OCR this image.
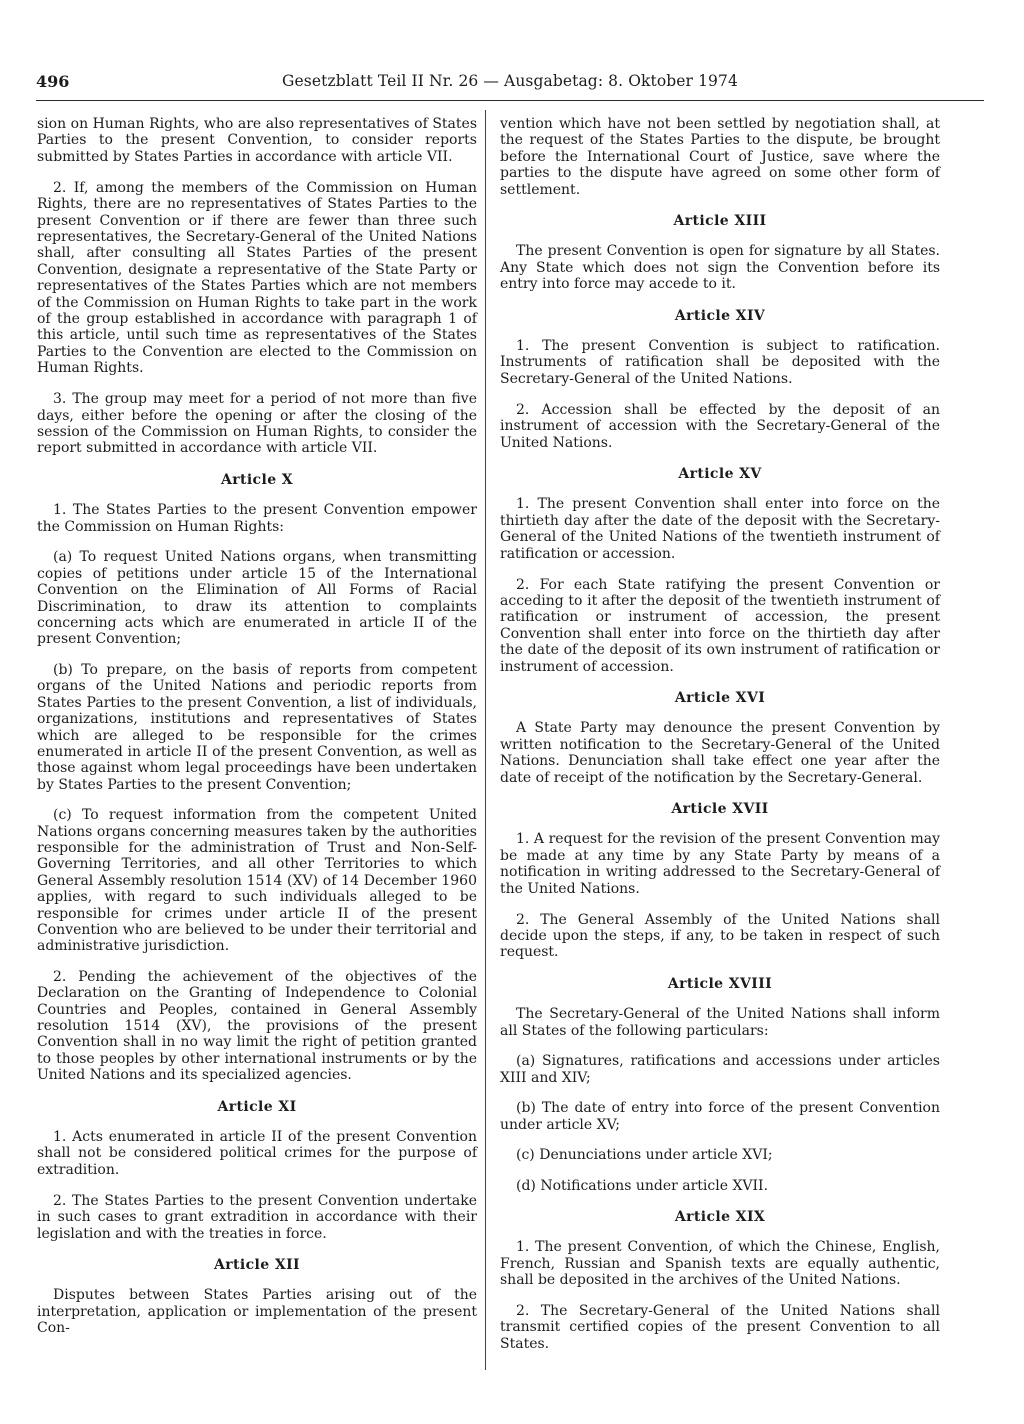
496	Gesetzblatt Teil II Nr. 26 — Ausgabetag: 8. Oktober 1974

sion on Human Rights, who are also representatives of States Parties to the present Convention, to consider reports submitted by States Parties in accordance with article VII.

2. If, among the members of the Commission on Human Rights, there are no representatives of States Parties to the present Convention or if there are fewer than three such representatives, the Secretary-General of the United Nations shall, after consulting all States Parties of the present Convention, designate a representative of the State Party or representatives of the States Parties which are not members of the Commission on Human Rights to take part in the work of the group established in accordance with paragraph 1 of this article, until such time as representatives of the States Parties to the Convention are elected to the Commission on Human Rights.

3. The group may meet for a period of not more than five days, either before the opening or after the closing of the session of the Commission on Human Rights, to consider the report submitted in accordance with article VII.

Article X

1. The States Parties to the present Convention empower the Commission on Human Rights:

(a) To request United Nations organs, when transmitting copies of petitions under article 15 of the International Convention on the Elimination of All Forms of Racial Discrimination, to draw its attention to complaints concerning acts which are enumerated in article II of the present Convention;
(b) To prepare, on the basis of reports from competent organs of the United Nations and periodic reports from States Parties to the present Convention, a list of individuals, organizations, institutions and representatives of States which are alleged to be responsible for the crimes enumerated in article II of the present Convention, as well as those against whom legal proceedings have been undertaken by States Parties to the present Convention;
(c) To request information from the competent United Nations organs concerning measures taken by the authorities responsible for the administration of Trust and Non-Self-Governing Territories, and all other Territories to which General Assembly resolution 1514 (XV) of 14 December 1960 applies, with regard to such individuals alleged to be responsible for crimes under article II of the present Convention who are believed to be under their territorial and administrative jurisdiction.

2. Pending the achievement of the objectives of the Declaration on the Granting of Independence to Colonial Countries and Peoples, contained in General Assembly resolution 1514 (XV), the provisions of the present Convention shall in no way limit the right of petition granted to those peoples by other international instruments or by the United Nations and its specialized agencies.

Article XI

1. Acts enumerated in article II of the present Convention shall not be considered political crimes for the purpose of extradition.

2. The States Parties to the present Convention undertake in such cases to grant extradition in accordance with their legislation and with the treaties in force.

Article XII

Disputes between States Parties arising out of the interpretation, application or implementation of the present Con-

vention which have not been settled by negotiation shall, at the request of the States Parties to the dispute, be brought before the International Court of Justice, save where the parties to the dispute have agreed on some other form of settlement.

Article XIII

The present Convention is open for signature by all States. Any State which does not sign the Convention before its entry into force may accede to it.

Article XIV

1. The present Convention is subject to ratification. Instruments of ratification shall be deposited with the Secretary-General of the United Nations.

2. Accession shall be effected by the deposit of an instrument of accession with the Secretary-General of the United Nations.

Article XV

1. The present Convention shall enter into force on the thirtieth day after the date of the deposit with the Secretary-General of the United Nations of the twentieth instrument of ratification or accession.

2. For each State ratifying the present Convention or acceding to it after the deposit of the twentieth instrument of ratification or instrument of accession, the present Convention shall enter into force on the thirtieth day after the date of the deposit of its own instrument of ratification or instrument of accession.

Article XVI

A State Party may denounce the present Convention by written notification to the Secretary-General of the United Nations. Denunciation shall take effect one year after the date of receipt of the notification by the Secretary-General.

Article XVII

1. A request for the revision of the present Convention may be made at any time by any State Party by means of a notification in writing addressed to the Secretary-General of the United Nations.

2. The General Assembly of the United Nations shall decide upon the steps, if any, to be taken in respect of such request.

Article XVIII

The Secretary-General of the United Nations shall inform all States of the following particulars:

(a) Signatures, ratifications and accessions under articles XIII and XIV;
(b) The date of entry into force of the present Convention under article XV;
(c) Denunciations under article XVI;
(d) Notifications under article XVII.
Article XIX

1. The present Convention, of which the Chinese, English, French, Russian and Spanish texts are equally authentic, shall be deposited in the archives of the United Nations.

2. The Secretary-General of the United Nations shall transmit certified copies of the present Convention to all States.
